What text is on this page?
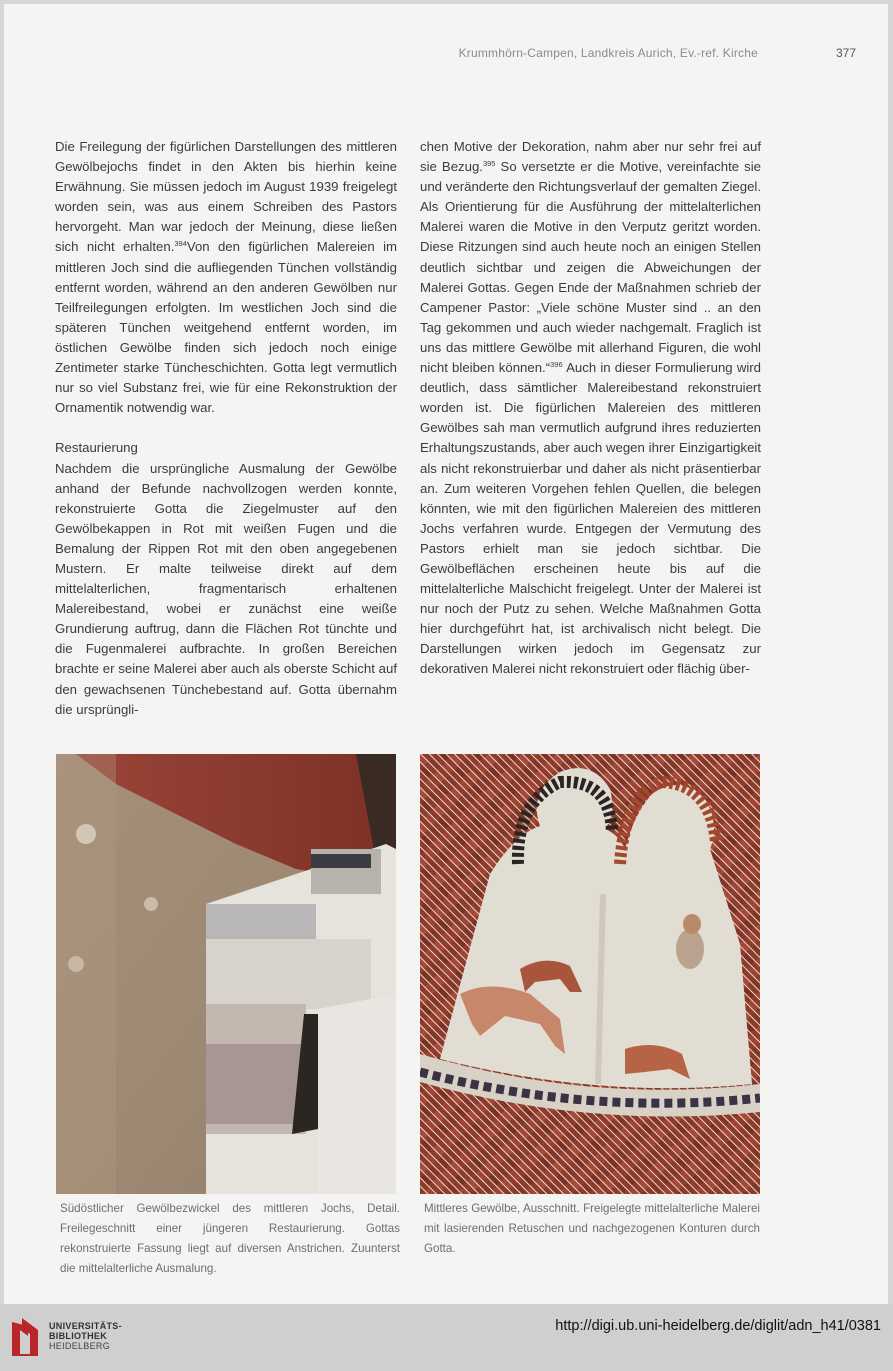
Krummhörn-Campen, Landkreis Aurich, Ev.-ref. Kirche	377

Die Freilegung der figürlichen Darstellungen des mittleren Gewölbejochs findet in den Akten bis hierhin keine Erwähnung. Sie müssen jedoch im August 1939 freigelegt worden sein, was aus einem Schreiben des Pastors hervorgeht. Man war jedoch der Meinung, diese ließen sich nicht erhalten.$^{394}$Von den figürlichen Malereien im mittleren Joch sind die aufliegenden Tünchen vollständig entfernt worden, während an den anderen Gewölben nur Teilfreilegungen erfolgten. Im westlichen Joch sind die späteren Tünchen weitgehend entfernt worden, im östlichen Gewölbe finden sich jedoch noch einige Zentimeter starke Tüncheschichten. Gotta legt vermutlich nur so viel Substanz frei, wie für eine Rekonstruktion der Ornamentik notwendig war.

Restaurierung

Nachdem die ursprüngliche Ausmalung der Gewölbe anhand der Befunde nachvollzogen werden konnte, rekonstruierte Gotta die Ziegelmuster auf den Gewölbekappen in Rot mit weißen Fugen und die Bemalung der Rippen Rot mit den oben angegebenen Mustern. Er malte teilweise direkt auf dem mittelalterlichen, fragmentarisch erhaltenen Malereibestand, wobei er zunächst eine weiße Grundierung auftrug, dann die Flächen Rot tünchte und die Fugenmalerei aufbrachte. In großen Bereichen brachte er seine Malerei aber auch als oberste Schicht auf den gewachsenen Tünchebestand auf. Gotta übernahm die ursprüngli-

chen Motive der Dekoration, nahm aber nur sehr frei auf sie Bezug.$^{395}$ So versetzte er die Motive, vereinfachte sie und veränderte den Richtungsverlauf der gemalten Ziegel. Als Orientierung für die Ausführung der mittelalterlichen Malerei waren die Motive in den Verputz geritzt worden. Diese Ritzungen sind auch heute noch an einigen Stellen deutlich sichtbar und zeigen die Abweichungen der Malerei Gottas. Gegen Ende der Maßnahmen schrieb der Campener Pastor: „Viele schöne Muster sind .. an den Tag gekommen und auch wieder nachgemalt. Fraglich ist uns das mittlere Gewölbe mit allerhand Figuren, die wohl nicht bleiben können.“$^{396}$ Auch in dieser Formulierung wird deutlich, dass sämtlicher Malereibestand rekonstruiert worden ist. Die figürlichen Malereien des mittleren Gewölbes sah man vermutlich aufgrund ihres reduzierten Erhaltungszustands, aber auch wegen ihrer Einzigartigkeit als nicht rekonstruierbar und daher als nicht präsentierbar an. Zum weiteren Vorgehen fehlen Quellen, die belegen könnten, wie mit den figürlichen Malereien des mittleren Jochs verfahren wurde. Entgegen der Vermutung des Pastors erhielt man sie jedoch sichtbar. Die Gewölbeflächen erscheinen heute bis auf die mittelalterliche Malschicht freigelegt. Unter der Malerei ist nur noch der Putz zu sehen. Welche Maßnahmen Gotta hier durchgeführt hat, ist archivalisch nicht belegt. Die Darstellungen wirken jedoch im Gegensatz zur dekorativen Malerei nicht rekonstruiert oder flächig über-

Südöstlicher Gewölbezwickel des mittleren Jochs, Detail. Freilegeschnitt einer jüngeren Restaurierung. Gottas rekonstruierte Fassung liegt auf diversen Anstrichen. Zuunterst die mittelalterliche Ausmalung.
Mittleres Gewölbe, Ausschnitt. Freigelegte mittelalterliche Malerei mit lasierenden Retuschen und nachgezogenen Konturen durch Gotta.
UNIVERSITÄTS-
BIBLIOTHEK
HEIDELBERG
http://digi.ub.uni-heidelberg.de/diglit/adn_h41/0381
